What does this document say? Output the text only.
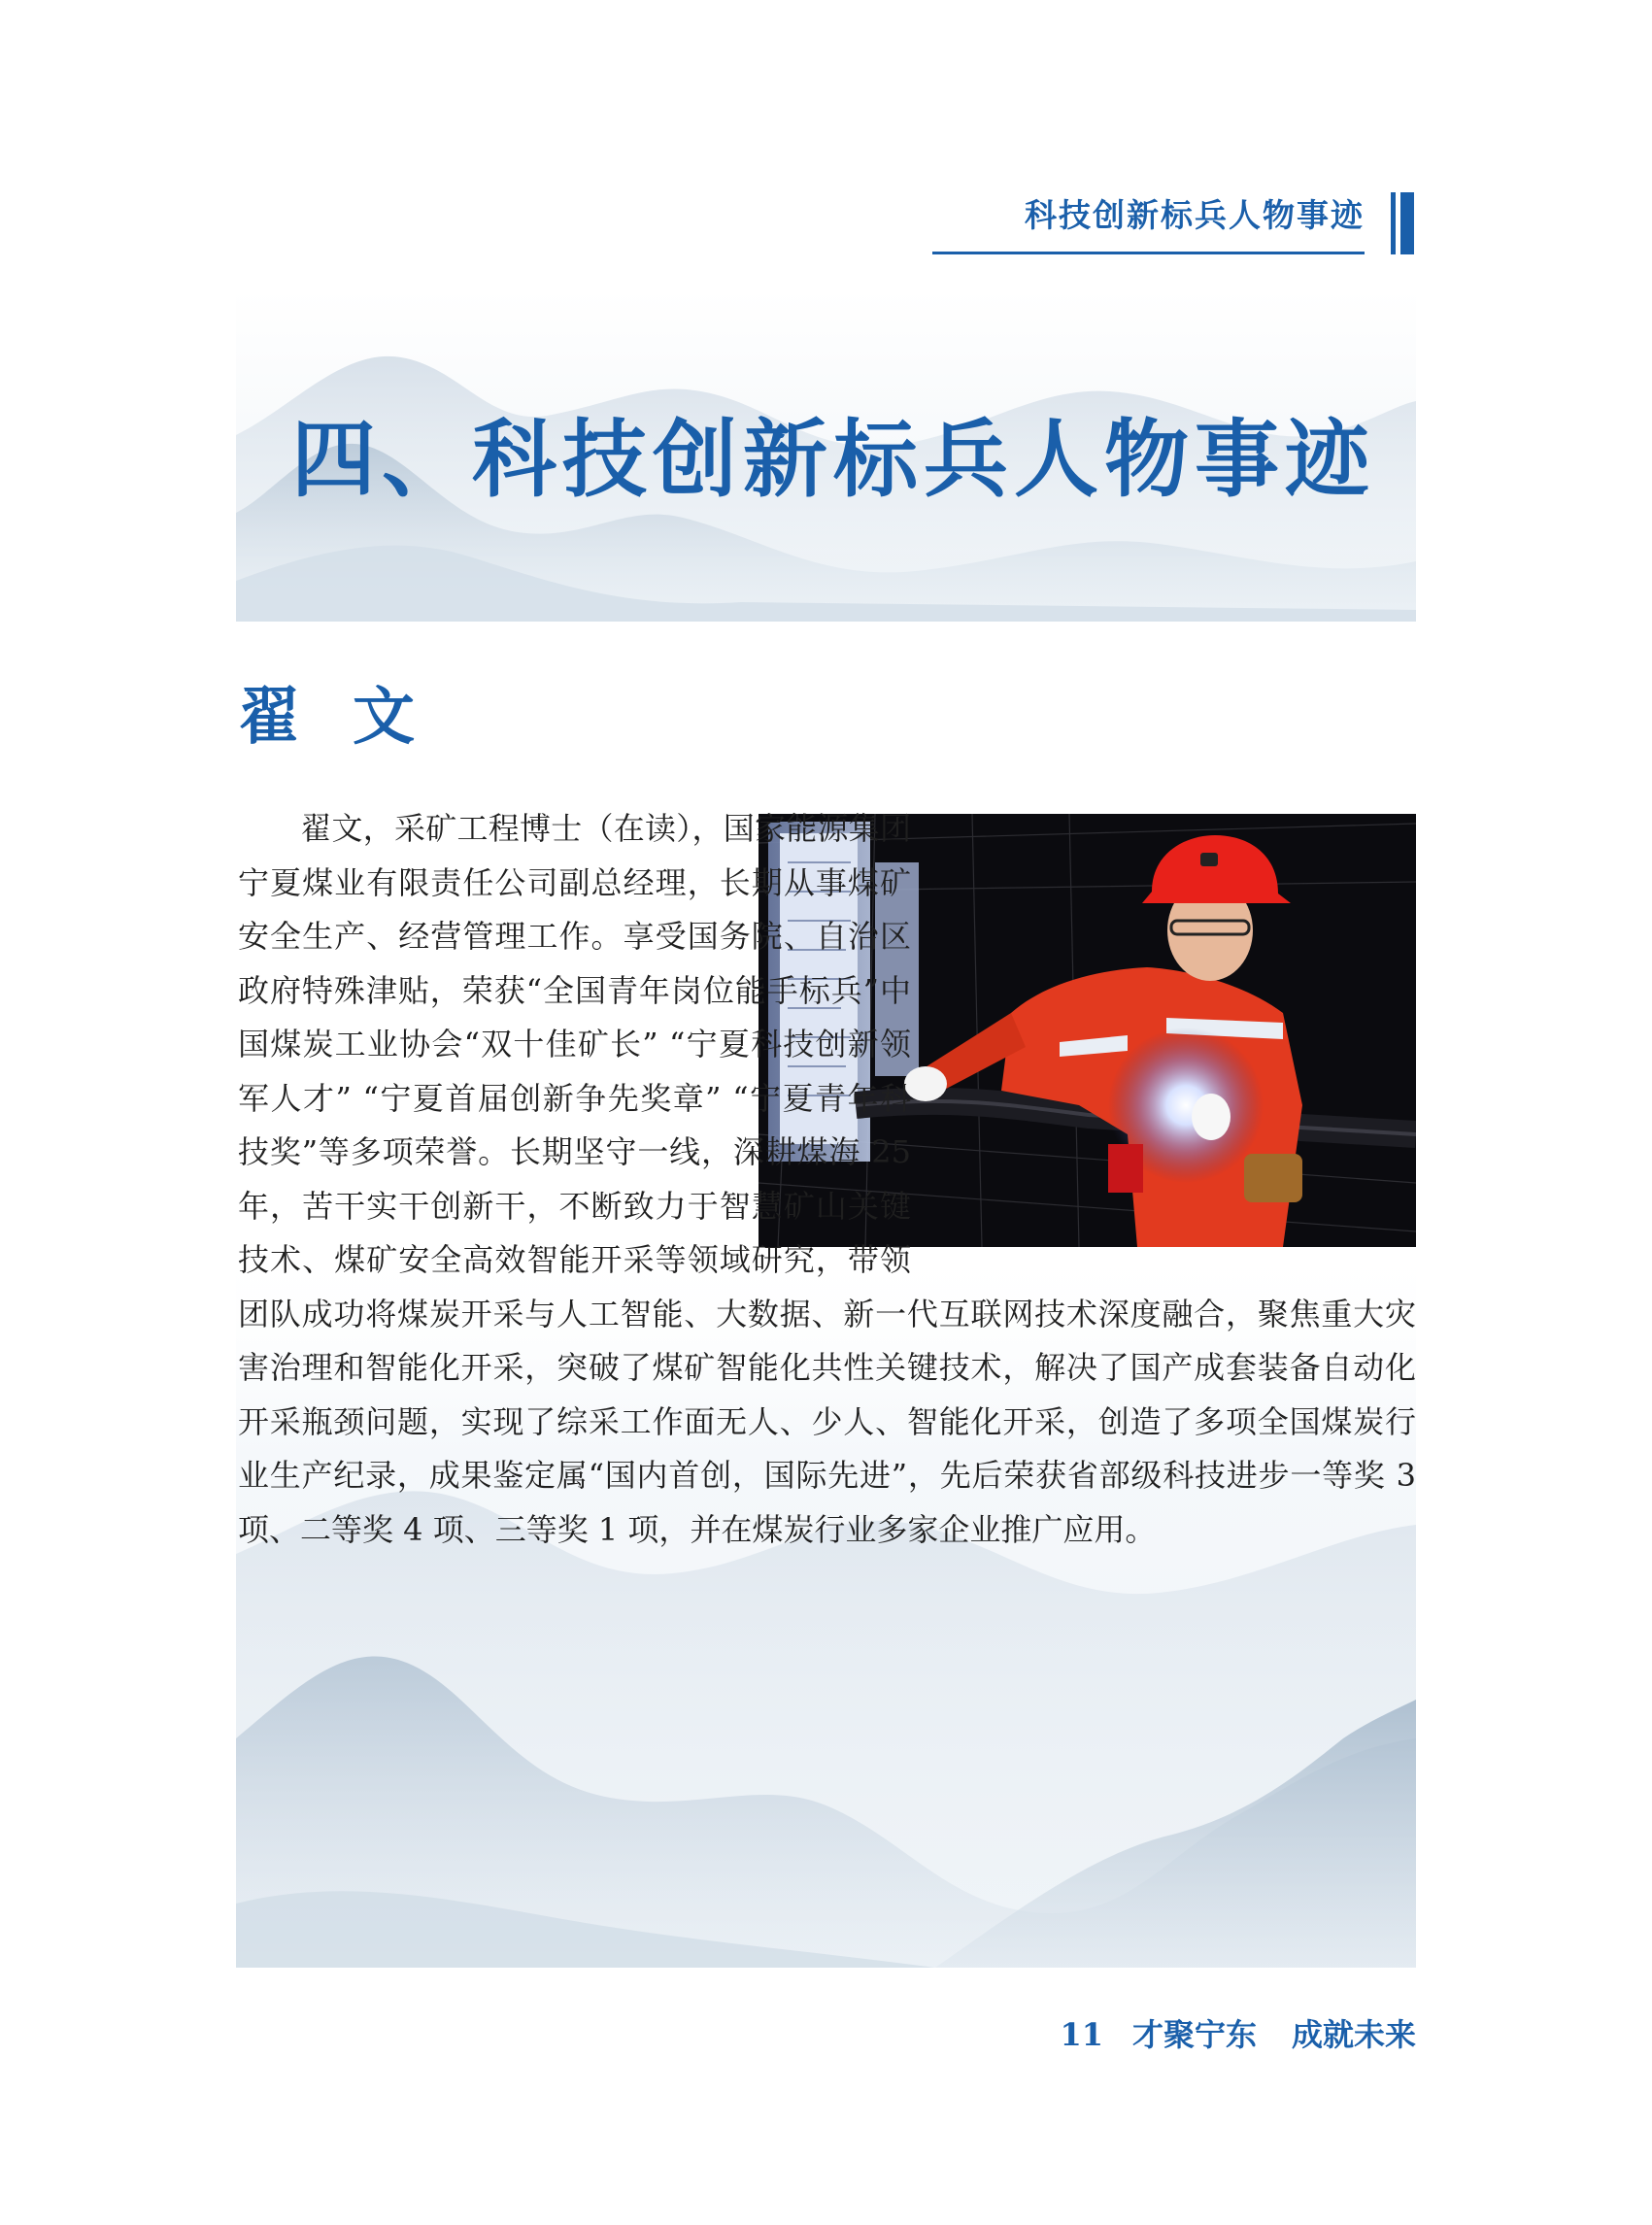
科技创新标兵人物事迹
四、科技创新标兵人物事迹
翟文
翟文，采矿工程博士（在读），国家能源集团宁夏煤业有限责任公司副总经理，长期从事煤矿安全生产、经营管理工作。享受国务院、自治区政府特殊津贴，荣获“全国青年岗位能手标兵”中国煤炭工业协会“双十佳矿长” “宁夏科技创新领军人才” “宁夏首届创新争先奖章” “宁夏青年科技奖”等多项荣誉。长期坚守一线，深耕煤海 25 年，苦干实干创新干，不断致力于智慧矿山关键技术、煤矿安全高效智能开采等领域研究，带领团队成功将煤炭开采与人工智能、大数据、新一代互联网技术深度融合，聚焦重大灾害治理和智能化开采，突破了煤矿智能化共性关键技术，解决了国产成套装备自动化开采瓶颈问题，实现了综采工作面无人、少人、智能化开采，创造了多项全国煤炭行业生产纪录，成果鉴定属“国内首创，国际先进”，先后荣获省部级科技进步一等奖 3 项、二等奖 4 项、三等奖 1 项，并在煤炭行业多家企业推广应用。
11 才聚宁东 成就未来
